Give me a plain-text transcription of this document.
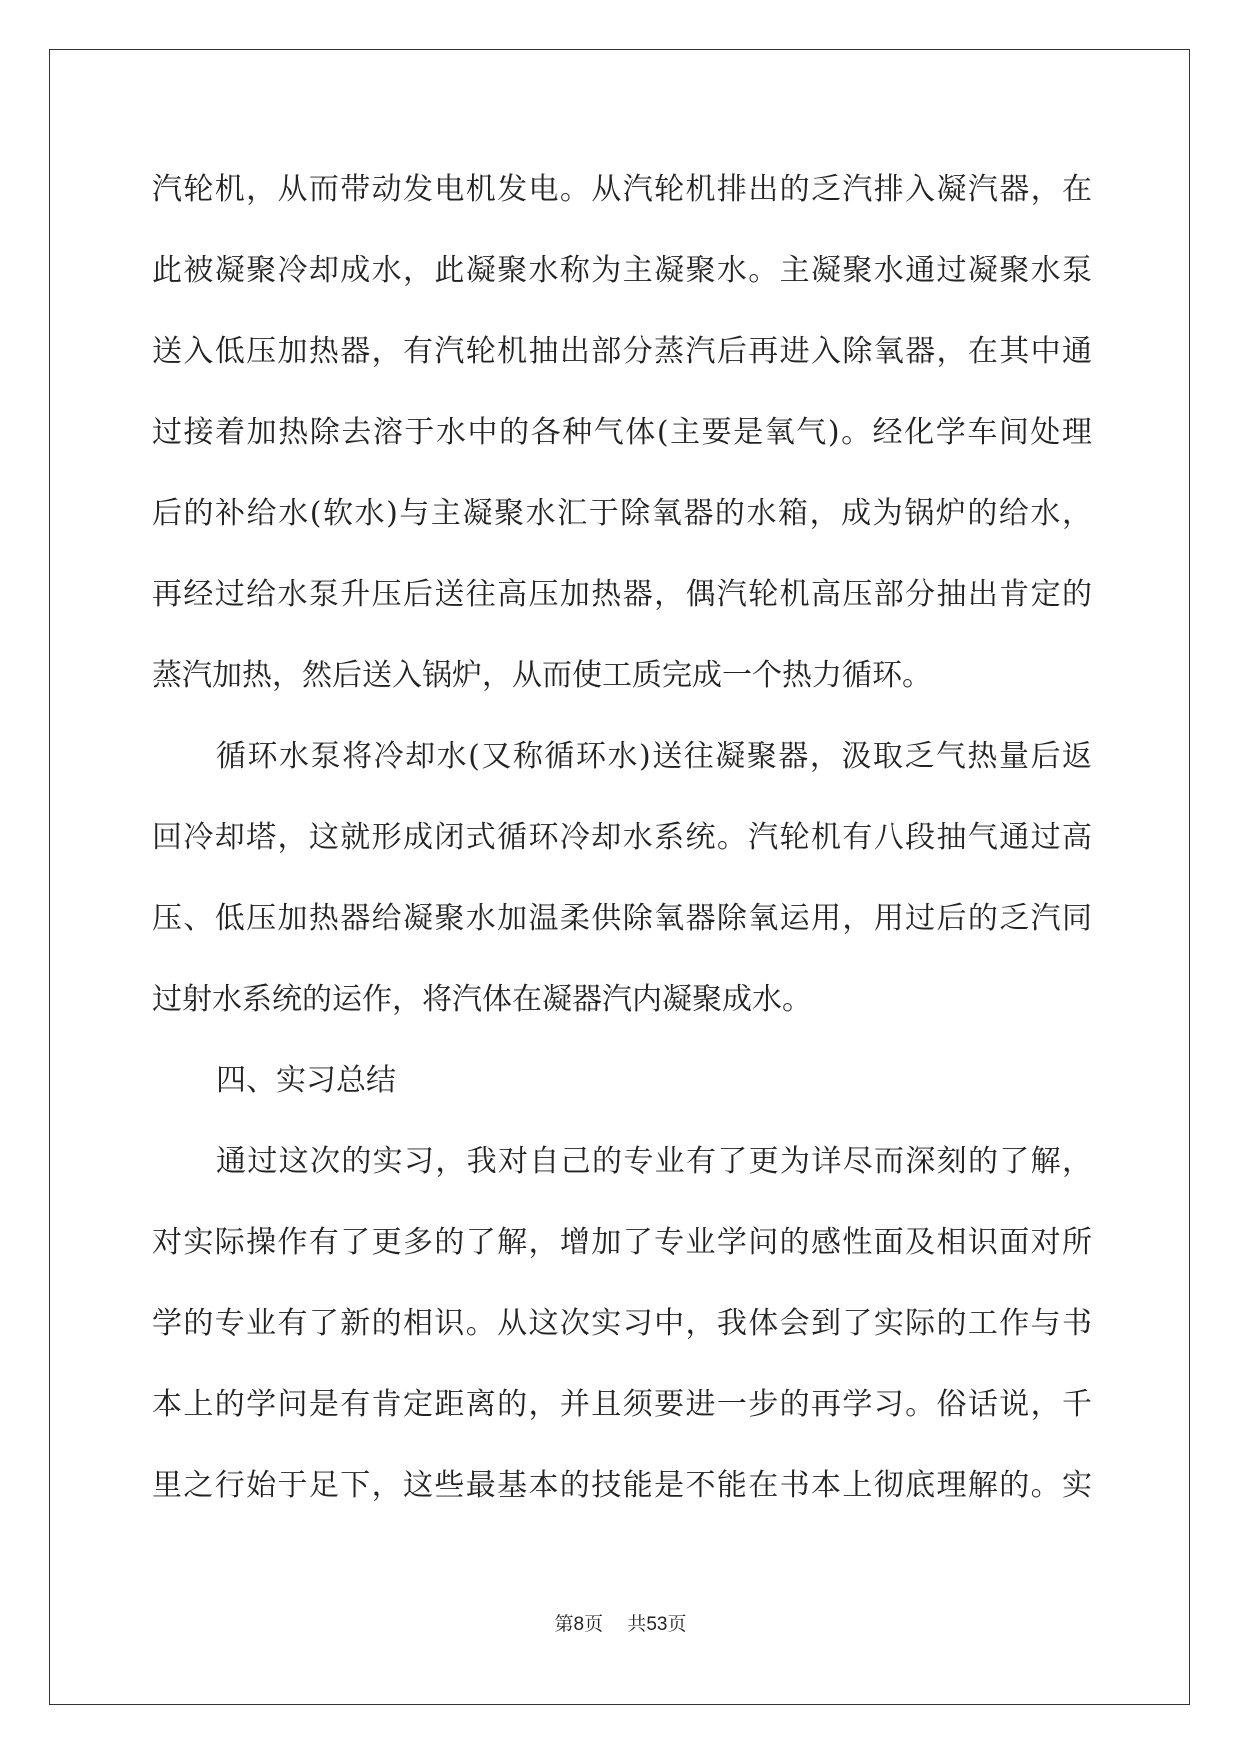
汽轮机，从而带动发电机发电。从汽轮机排出的乏汽排入凝汽器，在
此被凝聚冷却成水，此凝聚水称为主凝聚水。主凝聚水通过凝聚水泵
送入低压加热器，有汽轮机抽出部分蒸汽后再进入除氧器，在其中通
过接着加热除去溶于水中的各种气体(主要是氧气)。经化学车间处理
后的补给水(软水)与主凝聚水汇于除氧器的水箱，成为锅炉的给水，
再经过给水泵升压后送往高压加热器，偶汽轮机高压部分抽出肯定的
蒸汽加热，然后送入锅炉，从而使工质完成一个热力循环。
循环水泵将冷却水(又称循环水)送往凝聚器，汲取乏气热量后返
回冷却塔，这就形成闭式循环冷却水系统。汽轮机有八段抽气通过高
压、低压加热器给凝聚水加温柔供除氧器除氧运用，用过后的乏汽同
过射水系统的运作，将汽体在凝器汽内凝聚成水。
四、实习总结
通过这次的实习，我对自己的专业有了更为详尽而深刻的了解，
对实际操作有了更多的了解，增加了专业学问的感性面及相识面对所
学的专业有了新的相识。从这次实习中，我体会到了实际的工作与书
本上的学问是有肯定距离的，并且须要进一步的再学习。俗话说，千
里之行始于足下，这些最基本的技能是不能在书本上彻底理解的。实
第8页 共53页
